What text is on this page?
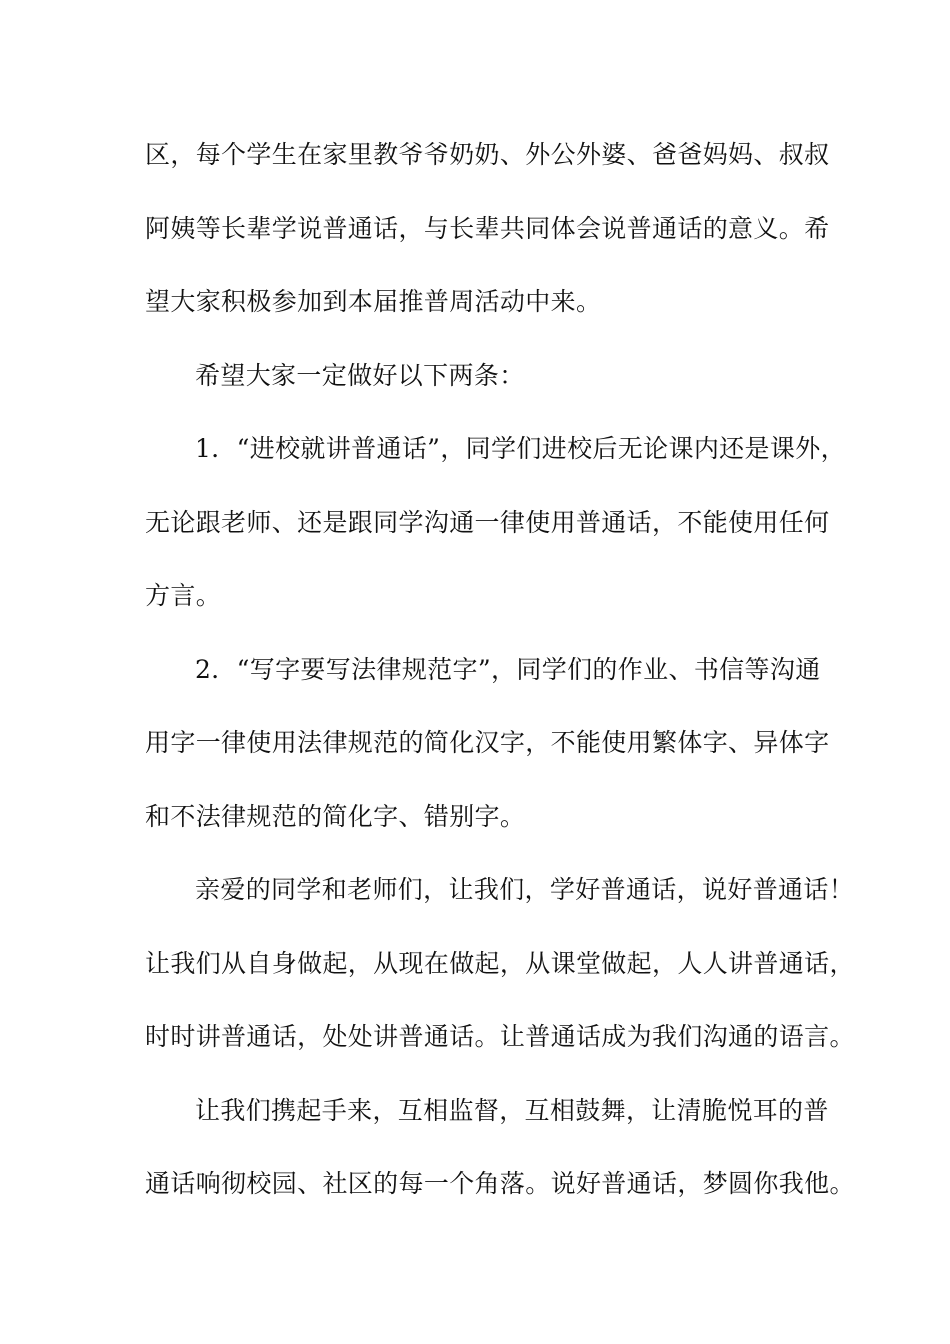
区，每个学生在家里教爷爷奶奶、外公外婆、爸爸妈妈、叔叔
阿姨等长辈学说普通话，与长辈共同体会说普通话的意义。希
望大家积极参加到本届推普周活动中来。
希望大家一定做好以下两条：
1．“进校就讲普通话”，同学们进校后无论课内还是课外，
无论跟老师、还是跟同学沟通一律使用普通话，不能使用任何
方言。
2．“写字要写法律规范字”，同学们的作业、书信等沟通
用字一律使用法律规范的简化汉字，不能使用繁体字、异体字
和不法律规范的简化字、错别字。
亲爱的同学和老师们，让我们，学好普通话，说好普通话！
让我们从自身做起，从现在做起，从课堂做起，人人讲普通话，
时时讲普通话，处处讲普通话。让普通话成为我们沟通的语言。
让我们携起手来，互相监督，互相鼓舞，让清脆悦耳的普
通话响彻校园、社区的每一个角落。说好普通话，梦圆你我他。
